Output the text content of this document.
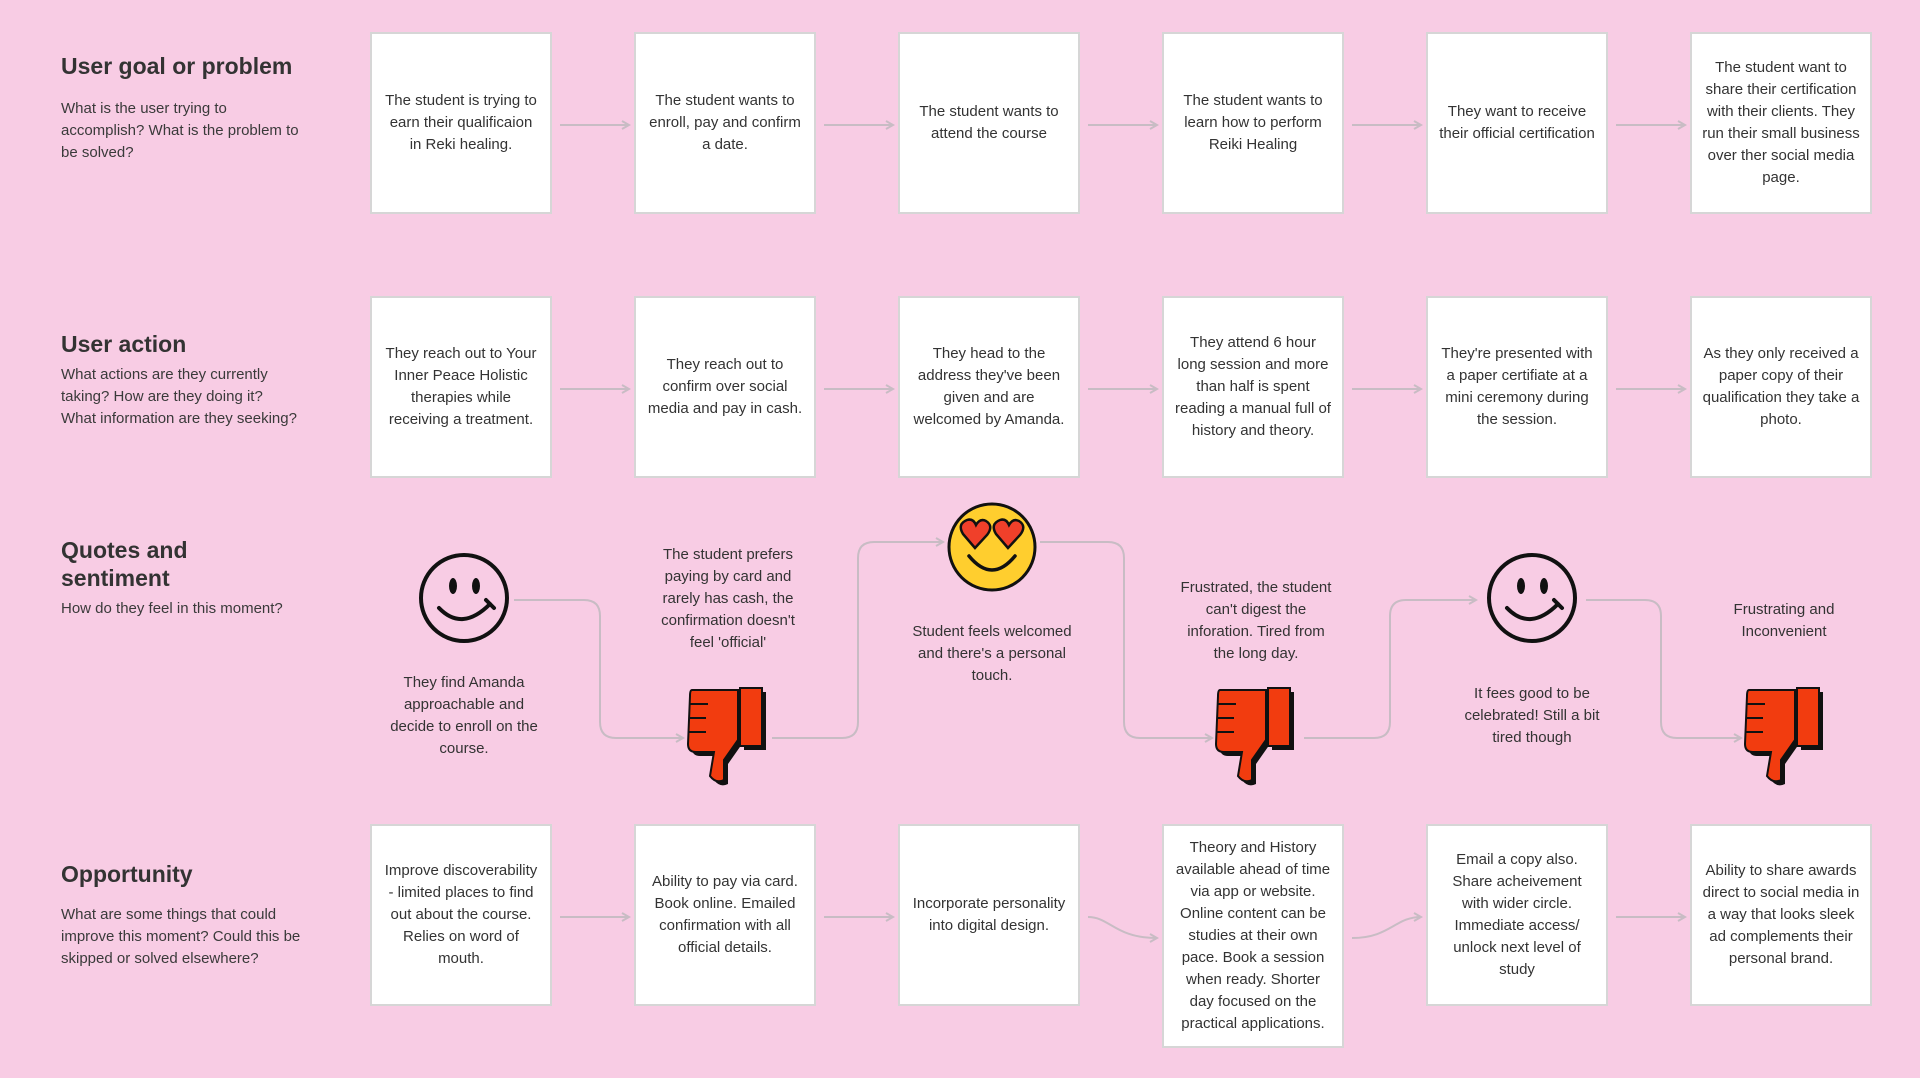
User goal or problem
What is the user trying to accomplish? What is the problem to be solved?
User action
What actions are they currently taking? How are they doing it? What information are they seeking?
Quotes and sentiment
How do they feel in this moment?
Opportunity
What are some things that could improve this moment? Could this be skipped or solved elsewhere?
The student is trying to earn their qualificaion in Reki healing.
The student wants to enroll, pay and confirm a date.
The student wants to attend the course
The student wants to learn how to perform Reiki Healing
They want to receive their official certification
The student want to share their certification with their clients. They run their small business over ther social media page.
They reach out to Your Inner Peace Holistic therapies while receiving a treatment.
They reach out to confirm over social media and pay in cash.
They head to the address they've been given and are welcomed by Amanda.
They attend 6 hour long session and more than half is spent reading a manual full of history and theory.
They're presented with a paper certifiate at a mini ceremony during the session.
As they only received a paper copy of their qualification they take a photo.
Improve discoverability - limited places to find out about the course. Relies on word of mouth.
Ability to pay via card. Book online. Emailed confirmation with all official details.
Incorporate personality into digital design.
Theory and History available ahead of time via app or website. Online content can be studies at their own pace. Book a session when ready. Shorter day focused on the practical applications.
Email a copy also. Share acheivement with wider circle. Immediate access/ unlock next level of study
Ability to share awards direct to social media in a way that looks sleek ad complements their personal brand.
They find Amanda approachable and decide to enroll on the course.
The student prefers paying by card and rarely has cash, the confirmation doesn't feel 'official'
Student feels welcomed and there's a personal touch.
Frustrated, the student can't digest the inforation. Tired from the long day.
It fees good to be celebrated! Still a bit tired though
Frustrating and Inconvenient
